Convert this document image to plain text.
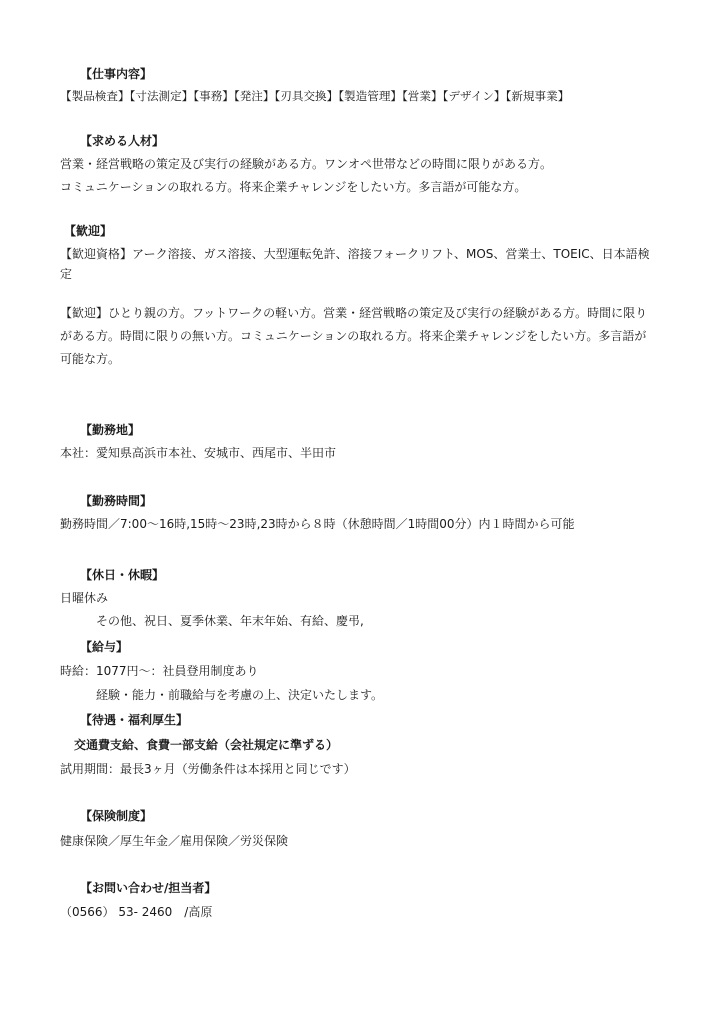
【仕事内容】
【製品検査】【寸法測定】【事務】【発注】【刃具交換】【製造管理】【営業】【デザイン】【新規事業】
【求める人材】
営業・経営戦略の策定及び実行の経験がある方。ワンオペ世帯などの時間に限りがある方。
コミュニケーションの取れる方。将来企業チャレンジをしたい方。多言語が可能な方。
【歓迎】
【歓迎資格】アーク溶接、ガス溶接、大型運転免許、溶接フォークリフト、MOS、営業士、TOEIC、日本語検
定
【歓迎】ひとり親の方。フットワークの軽い方。営業・経営戦略の策定及び実行の経験がある方。時間に限り
がある方。時間に限りの無い方。コミュニケーションの取れる方。将来企業チャレンジをしたい方。多言語が
可能な方。
【勤務地】
本社：愛知県高浜市本社、安城市、西尾市、半田市
【勤務時間】
勤務時間／7:00～16時,15時～23時,23時から８時（休憩時間／1時間00分）内１時間から可能
【休日・休暇】
日曜休み
その他、祝日、夏季休業、年末年始、有給、慶弔,
【給与】
時給：1077円～：社員登用制度あり
経験・能力・前職給与を考慮の上、決定いたします。
【待遇・福利厚生】
交通費支給、食費一部支給（会社規定に準ずる）
試用期間：最長3ヶ月（労働条件は本採用と同じです）
【保険制度】
健康保険／厚生年金／雇用保険／労災保険
【お問い合わせ/担当者】
（0566） 53- 2460　/高原
